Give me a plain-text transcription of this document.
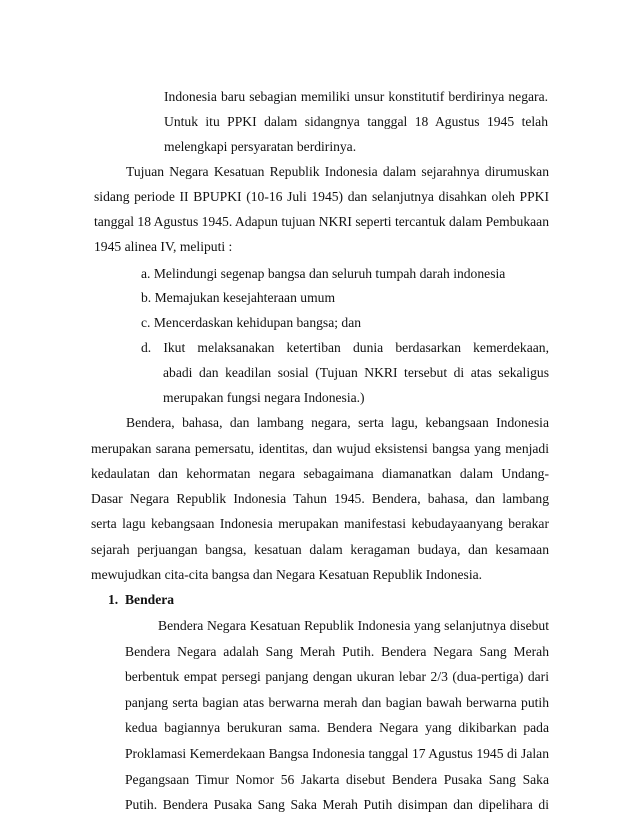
Indonesia baru sebagian memiliki unsur konstitutif berdirinya negara.
Untuk itu PPKI dalam sidangnya tanggal 18 Agustus 1945 telah
melengkapi persyaratan berdirinya.
Tujuan Negara Kesatuan Republik Indonesia dalam sejarahnya dirumuskan
sidang periode II BPUPKI (10-16 Juli 1945) dan selanjutnya disahkan oleh PPKI
tanggal 18 Agustus 1945. Adapun tujuan NKRI seperti tercantuk dalam Pembukaan
1945 alinea IV, meliputi :
a. Melindungi segenap bangsa dan seluruh tumpah darah indonesia
b. Memajukan kesejahteraan umum
c. Mencerdaskan kehidupan bangsa; dan
d. Ikut melaksanakan ketertiban dunia berdasarkan kemerdekaan,
abadi dan keadilan sosial (Tujuan NKRI tersebut di atas sekaligus
merupakan fungsi negara Indonesia.)
Bendera, bahasa, dan lambang negara, serta lagu, kebangsaan Indonesia
merupakan sarana pemersatu, identitas, dan wujud eksistensi bangsa yang menjadi
kedaulatan dan kehormatan negara sebagaimana diamanatkan dalam Undang-
Dasar Negara Republik Indonesia Tahun 1945. Bendera, bahasa, dan lambang
serta lagu kebangsaan Indonesia merupakan manifestasi kebudayaanyang berakar
sejarah perjuangan bangsa, kesatuan dalam keragaman budaya, dan kesamaan
mewujudkan cita-cita bangsa dan Negara Kesatuan Republik Indonesia.
1.  Bendera
Bendera Negara Kesatuan Republik Indonesia yang selanjutnya disebut
Bendera Negara adalah Sang Merah Putih. Bendera Negara Sang Merah
berbentuk empat persegi panjang dengan ukuran lebar 2/3 (dua-pertiga) dari
panjang serta bagian atas berwarna merah dan bagian bawah berwarna putih
kedua bagiannya berukuran sama. Bendera Negara yang dikibarkan pada
Proklamasi Kemerdekaan Bangsa Indonesia tanggal 17 Agustus 1945 di Jalan
Pegangsaan Timur Nomor 56 Jakarta disebut Bendera Pusaka Sang Saka
Putih. Bendera Pusaka Sang Saka Merah Putih disimpan dan dipelihara di
